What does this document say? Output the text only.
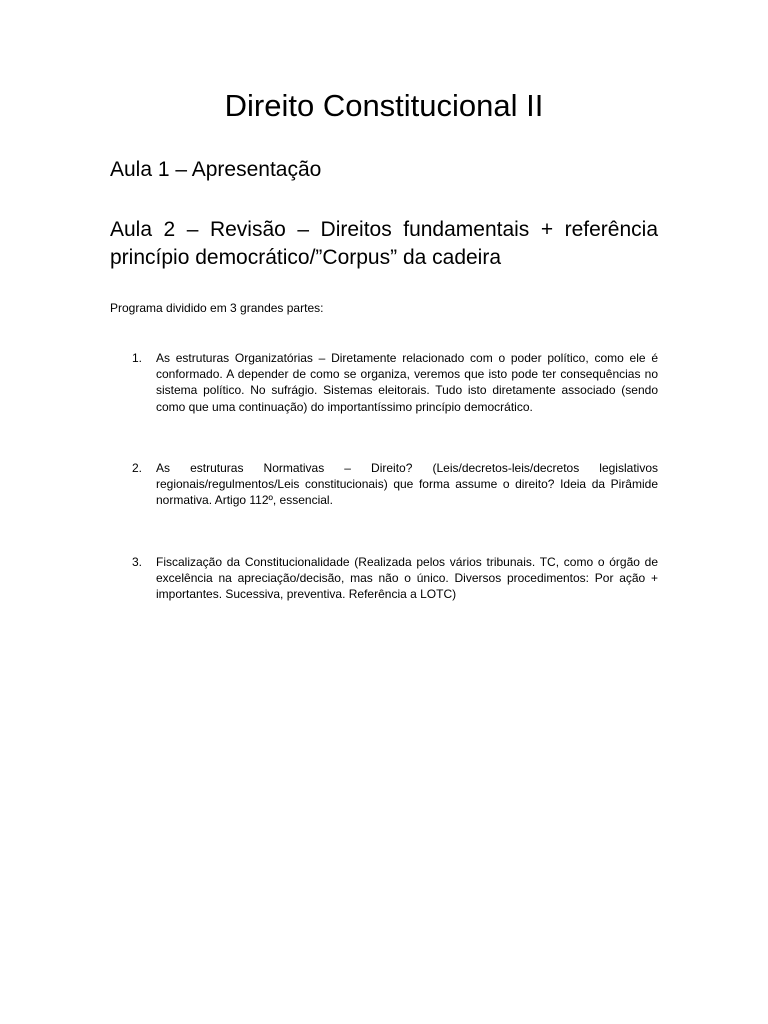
Direito Constitucional II

Aula 1 – Apresentação

Aula 2 – Revisão – Direitos fundamentais + referência princípio democrático/”Corpus” da cadeira

Programa dividido em 3 grandes partes:

1.	As estruturas Organizatórias – Diretamente relacionado com o poder político, como ele é conformado. A depender de como se organiza, veremos que isto pode ter consequências no sistema político. No sufrágio. Sistemas eleitorais. Tudo isto diretamente associado (sendo como que uma continuação) do importantíssimo princípio democrático.

2.	As estruturas Normativas – Direito? (Leis/decretos-leis/decretos legislativos regionais/regulmentos/Leis constitucionais) que forma assume o direito? Ideia da Pirâmide normativa. Artigo 112º, essencial.

3.	Fiscalização da Constitucionalidade (Realizada pelos vários tribunais. TC, como o órgão de excelência na apreciação/decisão, mas não o único. Diversos procedimentos: Por ação + importantes. Sucessiva, preventiva. Referência a LOTC)
